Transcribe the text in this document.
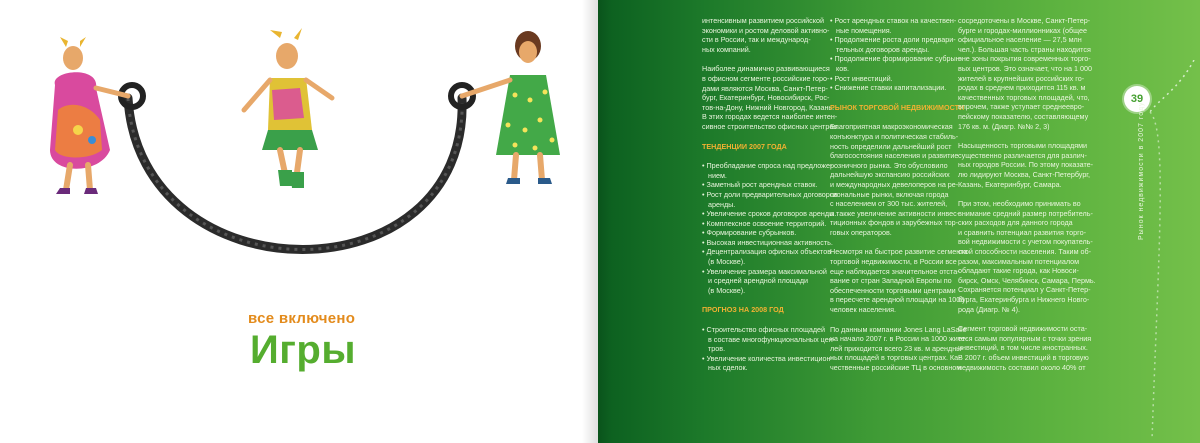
все включено
Игры
интенсивным развитием российской
экономики и ростом деловой активно-
сти в России, так и международ-
ных компаний.
Наиболее динамично развивающиеся
в офисном сегменте российские горо-
дами являются Москва, Санкт-Петер-
бург, Екатеринбург, Новосибирск, Рос-
тов-на-Дону, Нижний Новгород, Казань.
В этих городах ведется наиболее интен-
сивное строительство офисных центров.
ТЕНДЕНЦИИ 2007 ГОДА
• Преобладание спроса над предложе-
нием.
• Заметный рост арендных ставок.
• Рост доли предварительных договоров
аренды.
• Увеличение сроков договоров аренды.
• Комплексное освоение территорий.
• Формирование субрынков.
• Высокая инвестиционная активность.
• Децентрализация офисных объектов
(в Москве).
• Увеличение размера максимальной
и средней арендной площади
(в Москве).
ПРОГНОЗ НА 2008 ГОД
• Строительство офисных площадей
в составе многофункциональных цен-
тров.
• Увеличение количества инвестицион-
ных сделок.
• Рост арендных ставок на качествен-
ные помещения.
• Продолжение роста доли предвари-
тельных договоров аренды.
• Продолжение формирование субрын-
ков.
• Рост инвестиций.
• Снижение ставки капитализации.
РЫНОК ТОРГОВОЙ НЕДВИЖИМОСТИ
Благоприятная макроэкономическая
конъюнктура и политическая стабиль-
ность определили дальнейший рост
благосостояния населения и развитие
розничного рынка. Это обусловило
дальнейшую экспансию российских
и международных девелоперов на ре-
гиональные рынки, включая города
с населением от 300 тыс. жителей,
а также увеличение активности инвес-
тиционных фондов и зарубежных тор-
говых операторов.
Несмотря на быстрое развитие сегмента
торговой недвижимости, в России все
еще наблюдается значительное отста-
вание от стран Западной Европы по
обеспеченности торговыми центрами
в пересчете арендной площади на 1000
человек населения.
По данным компании Jones Lang LaSalle
на начало 2007 г. в России на 1000 жите-
лей приходится всего 23 кв. м арендны-
ных площадей в торговых центрах. Ка-
чественные российские ТЦ в основном
сосредоточены в Москве, Санкт-Петер-
бурге и городах-миллионниках (общее
официальное население — 27,5 млн
чел.). Большая часть страны находится
вне зоны покрытия современных торго-
вых центров. Это означает, что на 1 000
жителей в крупнейших российских го-
родах в среднем приходится 115 кв. м
качественных торговых площадей, что,
впрочем, также уступает среднеевро-
пейскому показателю, составляющему
176 кв. м. (Диагр. №№ 2, 3)
Насыщенность торговыми площадями
существенно различается для различ-
ных городов России. По этому показате-
лю лидируют Москва, Санкт-Петербург,
Казань, Екатеринбург, Самара.
При этом, необходимо принимать во
внимание средний размер потребитель-
ских расходов для данного города
и сравнить потенциал развития торго-
вой недвижимости с учетом покупатель-
ской способности населения. Таким об-
разом, максимальным потенциалом
обладают такие города, как Новоси-
бирск, Омск, Челябинск, Самара, Пермь.
Сохраняется потенциал у Санкт-Петер-
бурга, Екатеринбурга и Нижнего Новго-
рода (Диагр. № 4).
Сегмент торговой недвижимости оста-
ется самым популярным с точки зрения
инвестиций, в том числе иностранных.
В 2007 г. объем инвестиций в торговую
недвижимость составил около 40% от
39
Рынок недвижимости в 2007 году
